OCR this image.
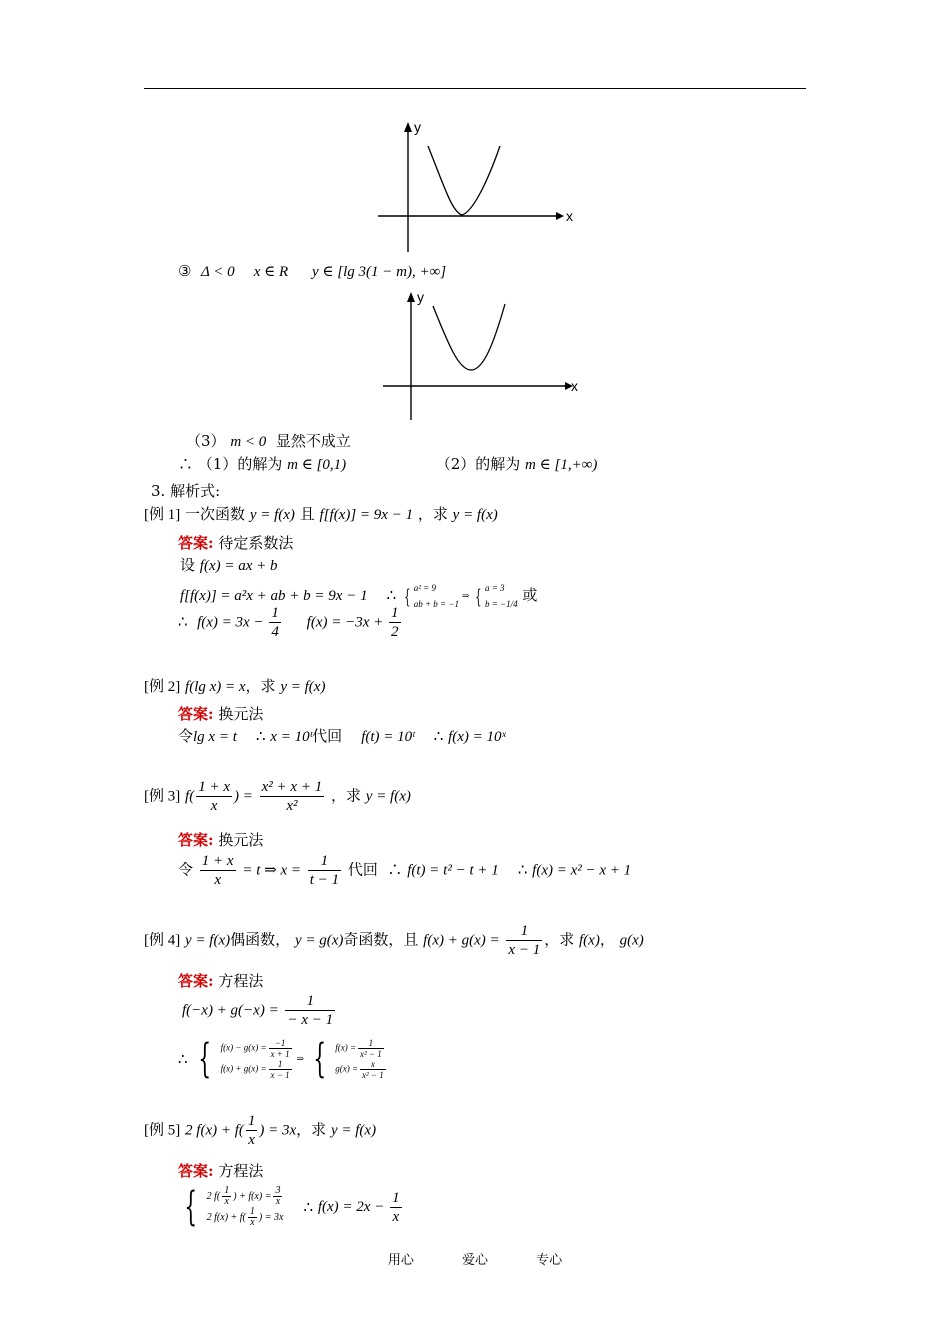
y
x
③ Δ < 0 x ∈ R y ∈ [lg 3(1 − m), +∞]
y
x
（3） m < 0 显然不成立
∴ （1）的解为 m ∈ [0,1)	（2）的解为 m ∈ [1,+∞)
3. 解析式:
[例 1] 一次函数 y = f(x) 且 f[f(x)] = 9x − 1 ，求 y = f(x)
答案: 待定系数法
设 f(x) = ax + b
f[f(x)] = a²x + ab + b = 9x − 1 ∴ { a² = 9
ab + b = −1
⇒ { a = 3
b = −1/4 或
∴ $f(x) = 3x - \frac{1}{4} f(x) = -3x + \frac{1}{2}$
[例 2] f(lg x) = x，求 y = f(x)
答案: 换元法
令lg x = t ∴ x = 10ᵗ代回 f(t) = 10ᵗ ∴ f(x) = 10ˣ
[例 3] $f( \frac{1 + x}{x}$ ) = $\frac{\text{x² + x + 1}}{\text{x²}}$ ，求 y = f(x)
答案: 换元法
令 $\frac{1 + x}{x} = t$ ⇒ $x = \frac{1}{t - 1}$ 代回 ∴ f(t) = t² − t + 1 ∴ f(x) = x² − x + 1
[例 4] y = f(x)偶函数， y = g(x)奇函数，且 $f(x) + g(x) = \frac{1}{x - 1}$ ，求 f(x)， g(x)
答案: 方程法
$f(-x) + g(-x) = \frac{1}{- x - 1}$
∴ { $f(x) - g(x) = \frac{-1}{x + 1}$
$f(x) + g(x) = \frac{1}{x - 1}$ ⇒ { $f(x) = \frac{1}{\text{x² − 1}}$
$g(x) = \frac{x}{\text{x² − 1}}$
[例 5] 2 $f(x) + f( \frac{1}{x}$ ) = 3x，求 y = f(x)
答案: 方程法
{ 2 $f( \frac{1}{x}$ ) + $f(x) = \frac{3}{x}$
2 $f(x) + f( \frac{1}{x}$ ) = 3x
∴ $f(x) = 2x - \frac{1}{x}$
用心	爱心	专心
